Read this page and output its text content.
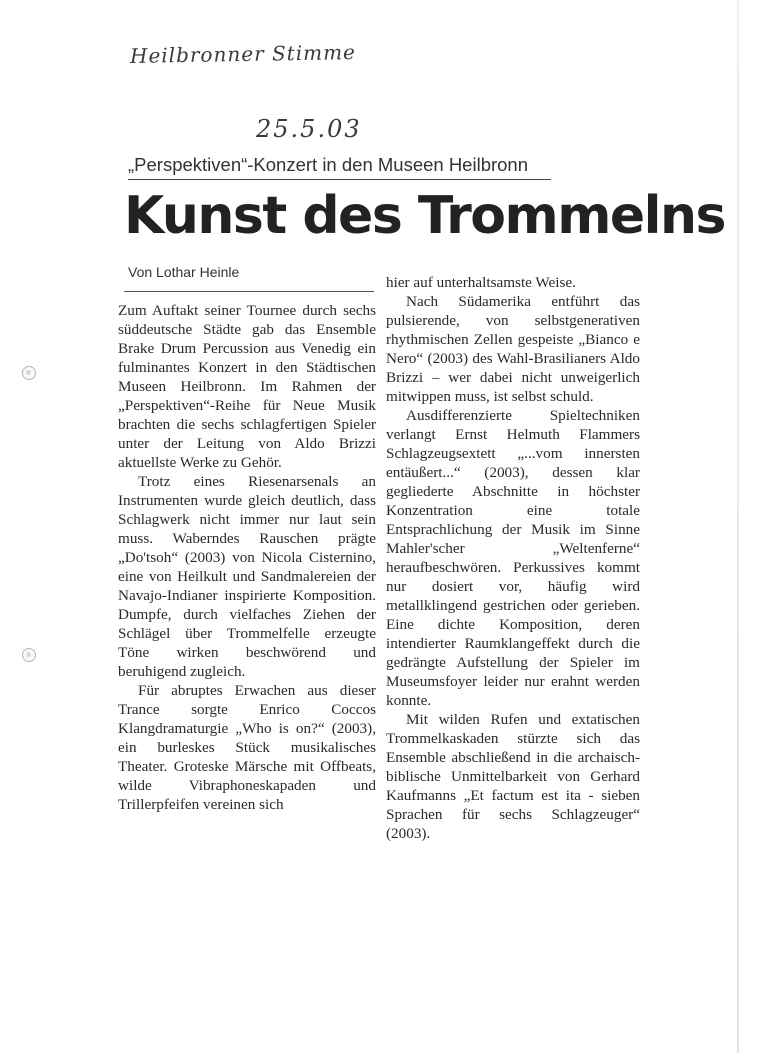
Heilbronner Stimme
25.5.03
„Perspektiven“-Konzert in den Museen Heilbronn
Kunst des Trommelns
Von Lothar Heinle

Zum Auftakt seiner Tournee durch sechs süddeutsche Städte gab das Ensemble Brake Drum Percussion aus Venedig ein fulminantes Konzert in den Städtischen Museen Heilbronn. Im Rahmen der „Perspektiven“-Reihe für Neue Musik brachten die sechs schlagfertigen Spieler unter der Leitung von Aldo Brizzi aktuellste Werke zu Gehör.

Trotz eines Riesenarsenals an Instrumenten wurde gleich deutlich, dass Schlagwerk nicht immer nur laut sein muss. Waberndes Rauschen prägte „Do'tsoh“ (2003) von Nicola Cisternino, eine von Heilkult und Sandmalereien der Navajo-Indianer inspirierte Komposition. Dumpfe, durch vielfaches Ziehen der Schlägel über Trommelfelle erzeugte Töne wirken beschwörend und beruhigend zugleich.

Für abruptes Erwachen aus dieser Trance sorgte Enrico Coccos Klangdramaturgie „Who is on?“ (2003), ein burleskes Stück musikalisches Theater. Groteske Märsche mit Offbeats, wilde Vibraphoneskapaden und Trillerpfeifen vereinen sich

hier auf unterhaltsamste Weise.

Nach Südamerika entführt das pulsierende, von selbstgenerativen rhythmischen Zellen gespeiste „Bianco e Nero“ (2003) des Wahl-Brasilianers Aldo Brizzi – wer dabei nicht unweigerlich mitwippen muss, ist selbst schuld.

Ausdifferenzierte Spieltechniken verlangt Ernst Helmuth Flammers Schlagzeugsextett „...vom innersten entäußert...“ (2003), dessen klar gegliederte Abschnitte in höchster Konzentration eine totale Entsprachlichung der Musik im Sinne Mahler'scher „Weltenferne“ heraufbeschwören. Perkussives kommt nur dosiert vor, häufig wird metallklingend gestrichen oder gerieben. Eine dichte Komposition, deren intendierter Raumklangeffekt durch die gedrängte Aufstellung der Spieler im Museumsfoyer leider nur erahnt werden konnte.

Mit wilden Rufen und extatischen Trommelkaskaden stürzte sich das Ensemble abschließend in die archaisch-biblische Unmittelbarkeit von Gerhard Kaufmanns „Et factum est ita - sieben Sprachen für sechs Schlagzeuger“ (2003).
